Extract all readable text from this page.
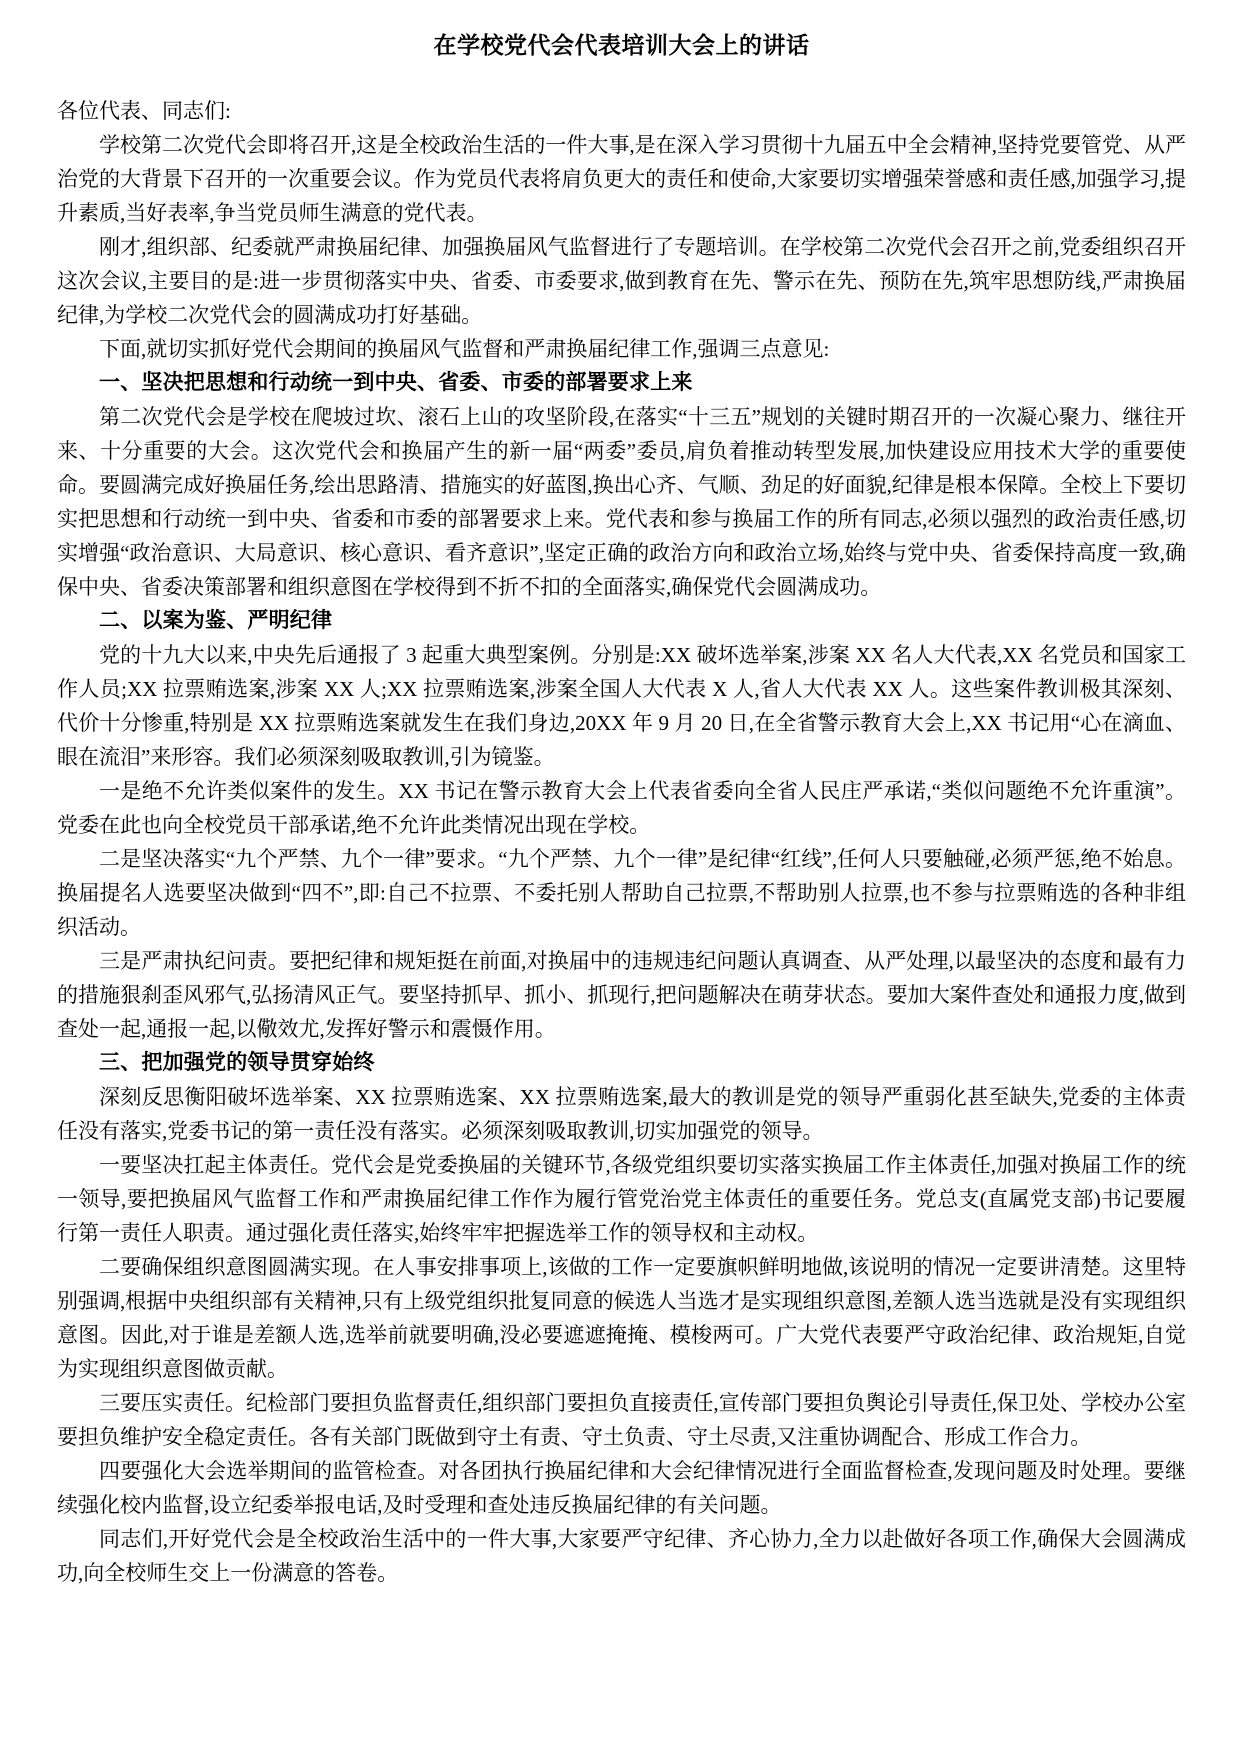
在学校党代会代表培训大会上的讲话

各位代表、同志们:

学校第二次党代会即将召开,这是全校政治生活的一件大事,是在深入学习贯彻十九届五中全会精神,坚持党要管党、从严治党的大背景下召开的一次重要会议。作为党员代表将肩负更大的责任和使命,大家要切实增强荣誉感和责任感,加强学习,提升素质,当好表率,争当党员师生满意的党代表。

刚才,组织部、纪委就严肃换届纪律、加强换届风气监督进行了专题培训。在学校第二次党代会召开之前,党委组织召开这次会议,主要目的是:进一步贯彻落实中央、省委、市委要求,做到教育在先、警示在先、预防在先,筑牢思想防线,严肃换届纪律,为学校二次党代会的圆满成功打好基础。

下面,就切实抓好党代会期间的换届风气监督和严肃换届纪律工作,强调三点意见:

一、坚决把思想和行动统一到中央、省委、市委的部署要求上来

第二次党代会是学校在爬坡过坎、滚石上山的攻坚阶段,在落实“十三五”规划的关键时期召开的一次凝心聚力、继往开来、十分重要的大会。这次党代会和换届产生的新一届“两委”委员,肩负着推动转型发展,加快建设应用技术大学的重要使命。要圆满完成好换届任务,绘出思路清、措施实的好蓝图,换出心齐、气顺、劲足的好面貌,纪律是根本保障。全校上下要切实把思想和行动统一到中央、省委和市委的部署要求上来。党代表和参与换届工作的所有同志,必须以强烈的政治责任感,切实增强“政治意识、大局意识、核心意识、看齐意识”,坚定正确的政治方向和政治立场,始终与党中央、省委保持高度一致,确保中央、省委决策部署和组织意图在学校得到不折不扣的全面落实,确保党代会圆满成功。

二、以案为鉴、严明纪律

党的十九大以来,中央先后通报了 3 起重大典型案例。分别是:XX 破坏选举案,涉案 XX 名人大代表,XX 名党员和国家工作人员;XX 拉票贿选案,涉案 XX 人;XX 拉票贿选案,涉案全国人大代表 X 人,省人大代表 XX 人。这些案件教训极其深刻、代价十分惨重,特别是 XX 拉票贿选案就发生在我们身边,20XX 年 9 月 20 日,在全省警示教育大会上,XX 书记用“心在滴血、眼在流泪”来形容。我们必须深刻吸取教训,引为镜鉴。

一是绝不允许类似案件的发生。XX 书记在警示教育大会上代表省委向全省人民庄严承诺,“类似问题绝不允许重演”。党委在此也向全校党员干部承诺,绝不允许此类情况出现在学校。

二是坚决落实“九个严禁、九个一律”要求。“九个严禁、九个一律”是纪律“红线”,任何人只要触碰,必须严惩,绝不始息。换届提名人选要坚决做到“四不”,即:自己不拉票、不委托别人帮助自己拉票,不帮助别人拉票,也不参与拉票贿选的各种非组织活动。

三是严肃执纪问责。要把纪律和规矩挺在前面,对换届中的违规违纪问题认真调查、从严处理,以最坚决的态度和最有力的措施狠刹歪风邪气,弘扬清风正气。要坚持抓早、抓小、抓现行,把问题解决在萌芽状态。要加大案件查处和通报力度,做到查处一起,通报一起,以儆效尤,发挥好警示和震慑作用。

三、把加强党的领导贯穿始终

深刻反思衡阳破坏选举案、XX 拉票贿选案、XX 拉票贿选案,最大的教训是党的领导严重弱化甚至缺失,党委的主体责任没有落实,党委书记的第一责任没有落实。必须深刻吸取教训,切实加强党的领导。

一要坚决扛起主体责任。党代会是党委换届的关键环节,各级党组织要切实落实换届工作主体责任,加强对换届工作的统一领导,要把换届风气监督工作和严肃换届纪律工作作为履行管党治党主体责任的重要任务。党总支(直属党支部)书记要履行第一责任人职责。通过强化责任落实,始终牢牢把握选举工作的领导权和主动权。

二要确保组织意图圆满实现。在人事安排事项上,该做的工作一定要旗帜鲜明地做,该说明的情况一定要讲清楚。这里特别强调,根据中央组织部有关精神,只有上级党组织批复同意的候选人当选才是实现组织意图,差额人选当选就是没有实现组织意图。因此,对于谁是差额人选,选举前就要明确,没必要遮遮掩掩、模梭两可。广大党代表要严守政治纪律、政治规矩,自觉为实现组织意图做贡献。

三要压实责任。纪检部门要担负监督责任,组织部门要担负直接责任,宣传部门要担负舆论引导责任,保卫处、学校办公室要担负维护安全稳定责任。各有关部门既做到守土有责、守土负责、守土尽责,又注重协调配合、形成工作合力。

四要强化大会选举期间的监管检查。对各团执行换届纪律和大会纪律情况进行全面监督检查,发现问题及时处理。要继续强化校内监督,设立纪委举报电话,及时受理和查处违反换届纪律的有关问题。

同志们,开好党代会是全校政治生活中的一件大事,大家要严守纪律、齐心协力,全力以赴做好各项工作,确保大会圆满成功,向全校师生交上一份满意的答卷。
